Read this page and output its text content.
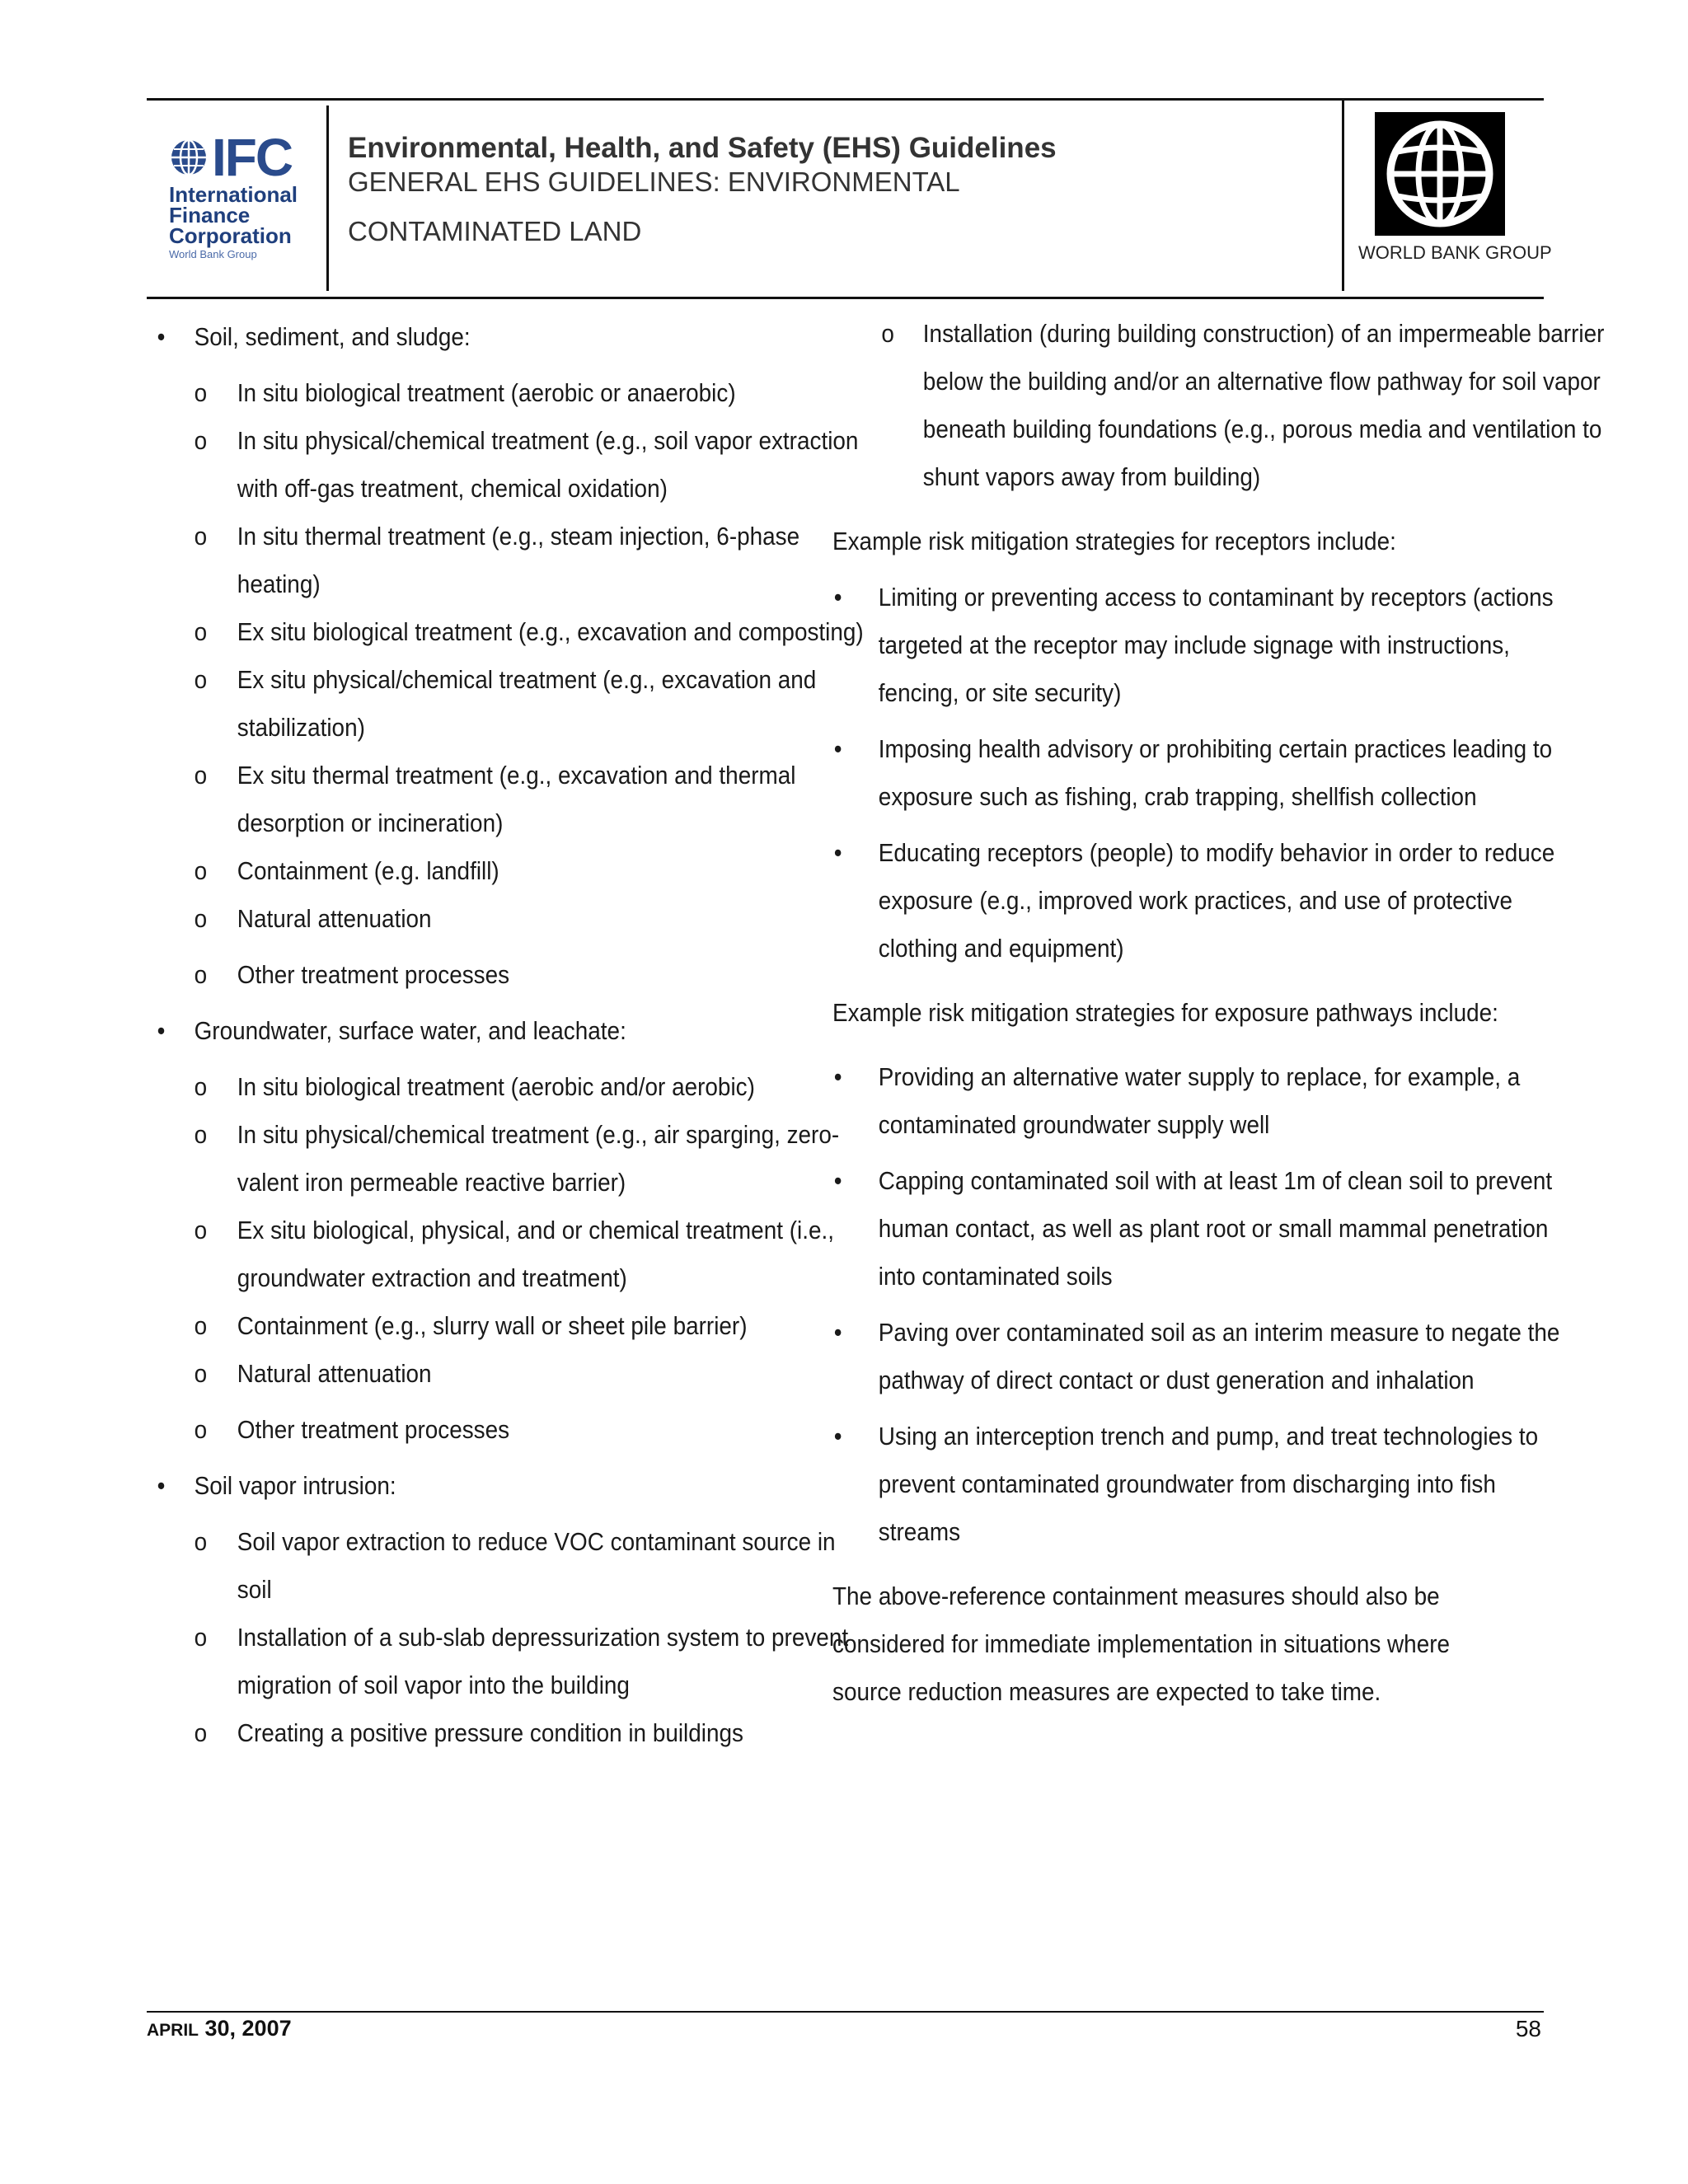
IFC
International
Finance
Corporation
World Bank Group
Environmental, Health, and Safety (EHS) Guidelines
GENERAL EHS GUIDELINES: ENVIRONMENTAL
CONTAMINATED LAND
WORLD BANK GROUP
• Soil, sediment, and sludge:
o In situ biological treatment (aerobic or anaerobic)
o In situ physical/chemical treatment (e.g., soil vapor extraction with off-gas treatment, chemical oxidation)
o In situ thermal treatment (e.g., steam injection, 6-phase heating)
o Ex situ biological treatment (e.g., excavation and composting)
o Ex situ physical/chemical treatment (e.g., excavation and stabilization)
o Ex situ thermal treatment (e.g., excavation and thermal desorption or incineration)
o Containment (e.g. landfill)
o Natural attenuation
o Other treatment processes
• Groundwater, surface water, and leachate:
o In situ biological treatment (aerobic and/or aerobic)
o In situ physical/chemical treatment (e.g., air sparging, zero-valent iron permeable reactive barrier)
o Ex situ biological, physical, and or chemical treatment (i.e., groundwater extraction and treatment)
o Containment (e.g., slurry wall or sheet pile barrier)
o Natural attenuation
o Other treatment processes
• Soil vapor intrusion:
o Soil vapor extraction to reduce VOC contaminant source in soil
o Installation of a sub-slab depressurization system to prevent migration of soil vapor into the building
o Creating a positive pressure condition in buildings
o Installation (during building construction) of an impermeable barrier below the building and/or an alternative flow pathway for soil vapor beneath building foundations (e.g., porous media and ventilation to shunt vapors away from building)
Example risk mitigation strategies for receptors include:
• Limiting or preventing access to contaminant by receptors (actions targeted at the receptor may include signage with instructions, fencing, or site security)
• Imposing health advisory or prohibiting certain practices leading to exposure such as fishing, crab trapping, shellfish collection
• Educating receptors (people) to modify behavior in order to reduce exposure (e.g., improved work practices, and use of protective clothing and equipment)
Example risk mitigation strategies for exposure pathways include:
• Providing an alternative water supply to replace, for example, a contaminated groundwater supply well
• Capping contaminated soil with at least 1m of clean soil to prevent human contact, as well as plant root or small mammal penetration into contaminated soils
• Paving over contaminated soil as an interim measure to negate the pathway of direct contact or dust generation and inhalation
• Using an interception trench and pump, and treat technologies to prevent contaminated groundwater from discharging into fish streams
The above-reference containment measures should also be considered for immediate implementation in situations where source reduction measures are expected to take time.
APRIL 30, 2007	58
